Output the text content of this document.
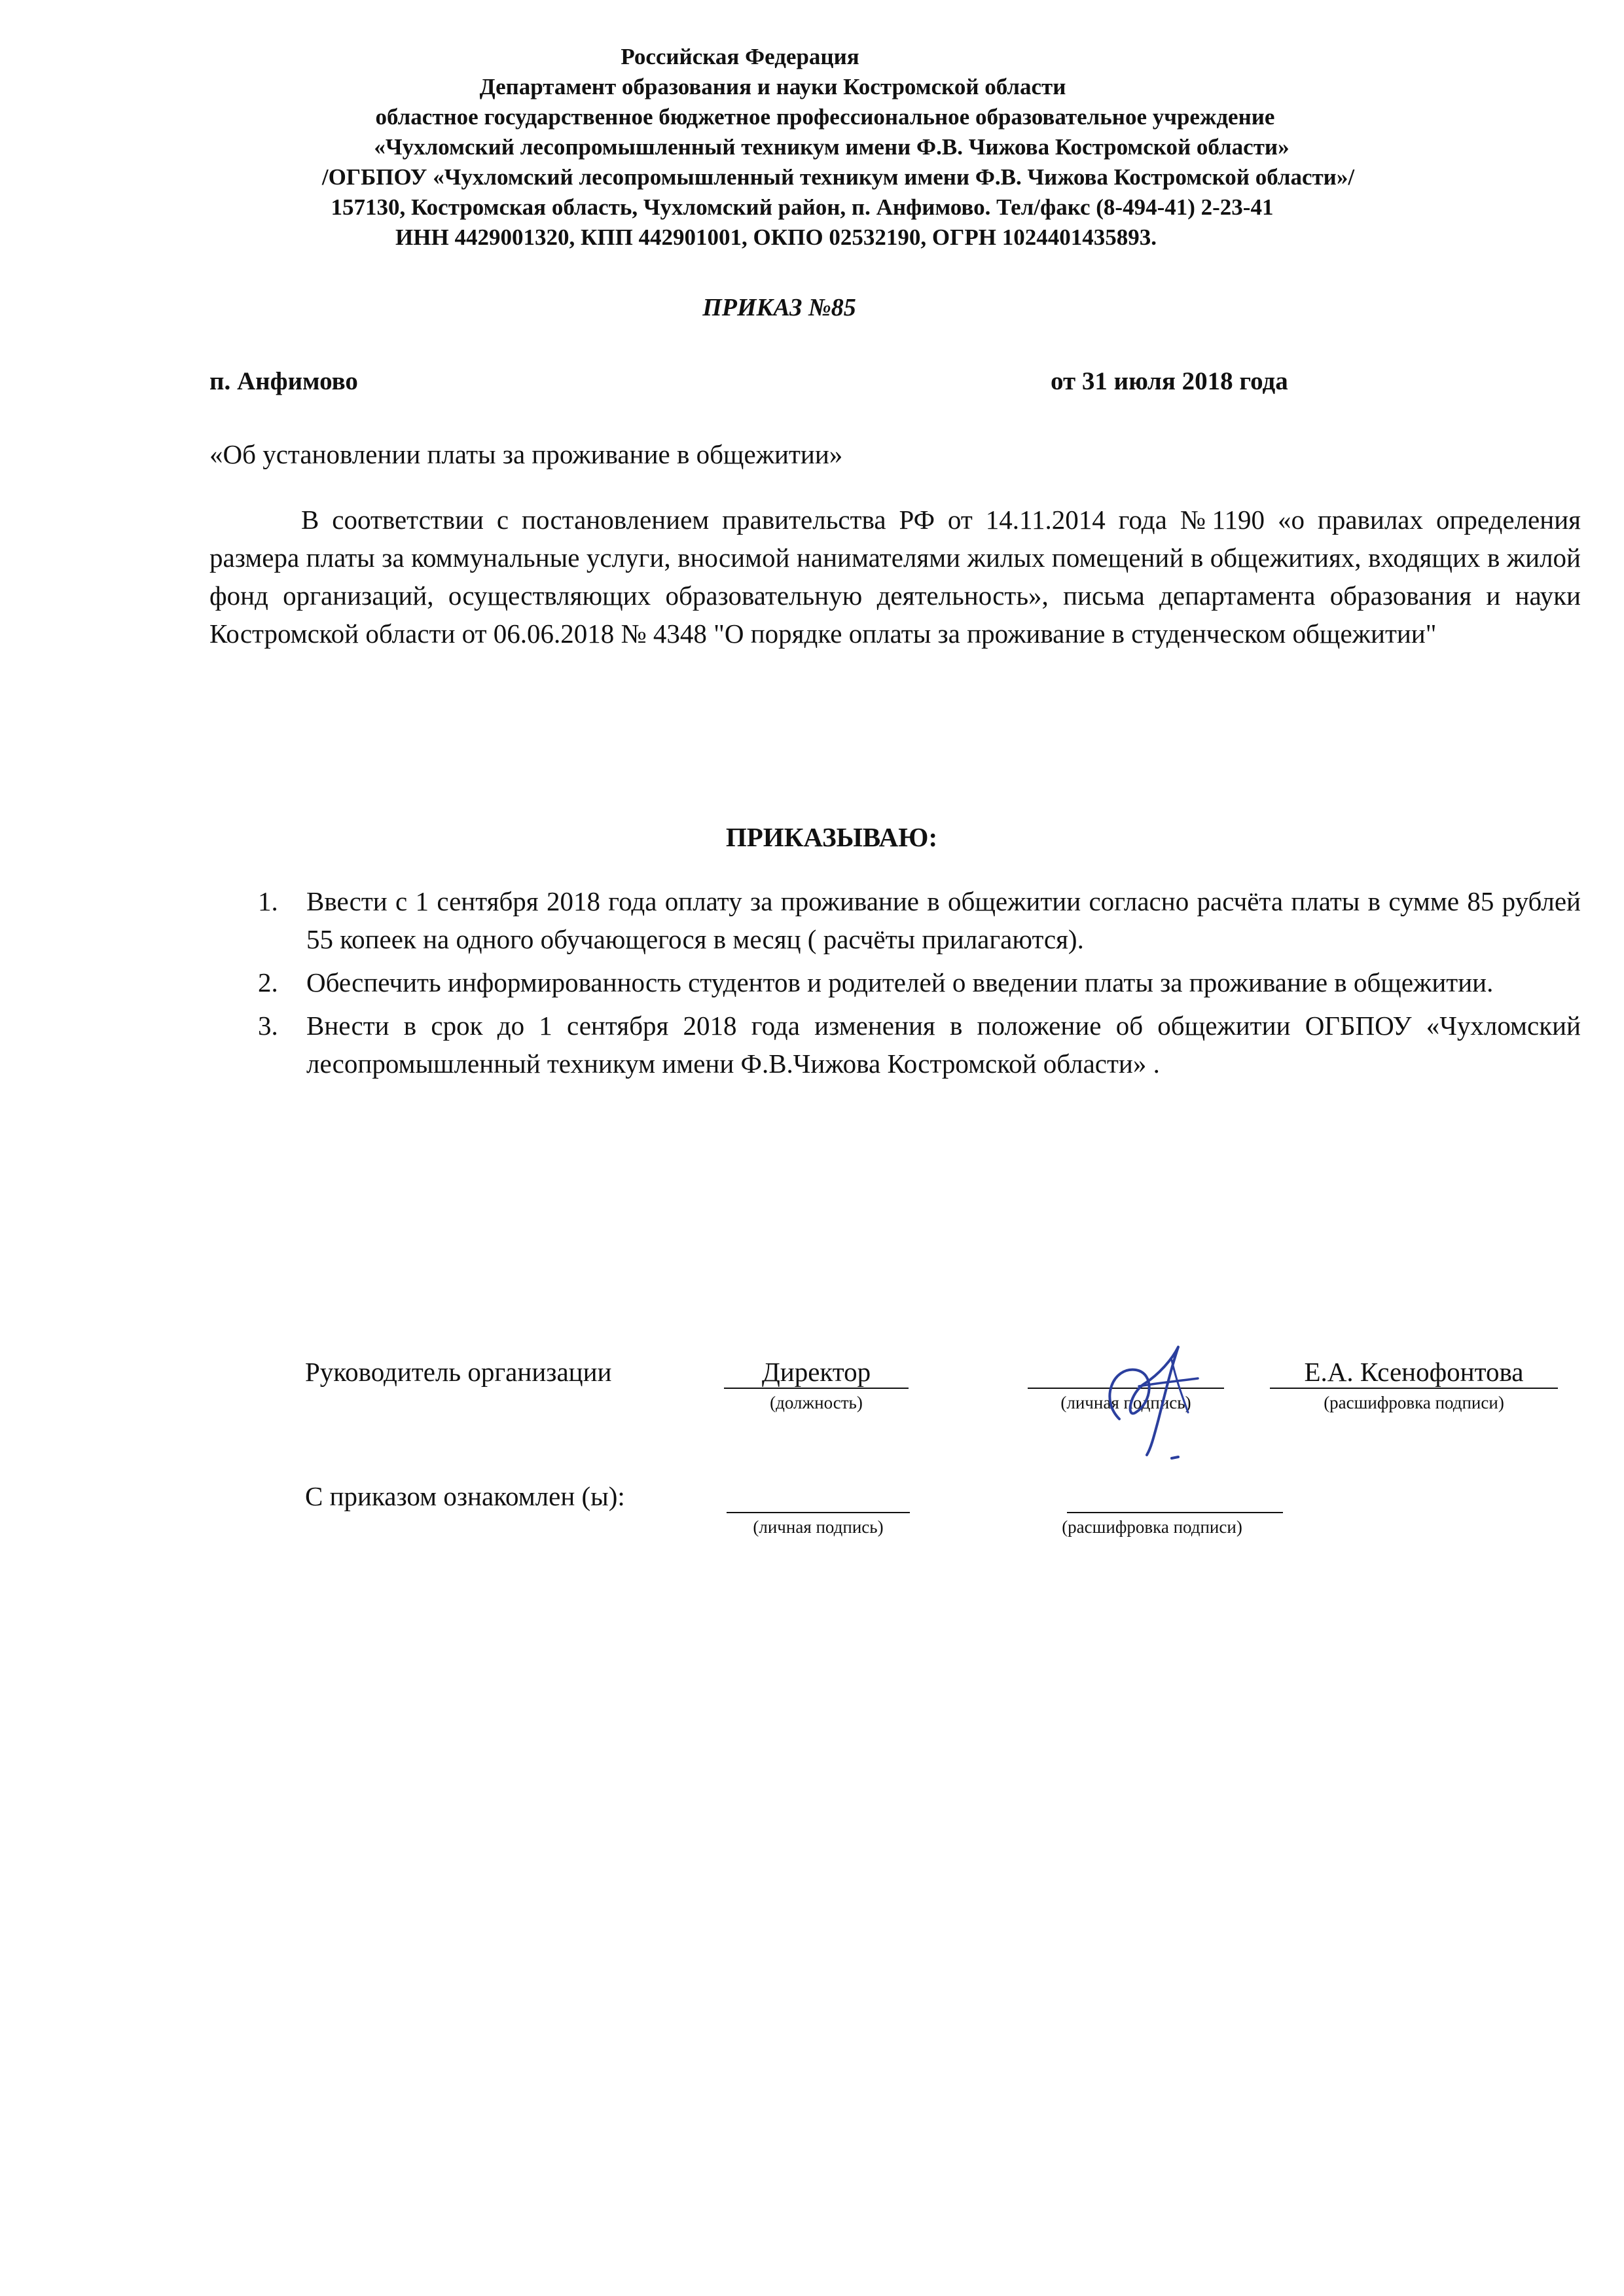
Российская Федерация
Департамент образования и науки Костромской области
областное государственное бюджетное профессиональное образовательное учреждение
«Чухломский лесопромышленный техникум имени Ф.В. Чижова Костромской области»
/ОГБПОУ «Чухломский лесопромышленный техникум имени Ф.В. Чижова Костромской области»/
157130, Костромская область, Чухломский район, п. Анфимово. Тел/факс (8-494-41) 2-23-41
ИНН 4429001320, КПП 442901001, ОКПО 02532190, ОГРН 1024401435893.
ПРИКАЗ №85
п. Анфимово	от 31 июля 2018 года
«Об установлении платы за проживание в общежитии»

В соответствии с постановлением правительства РФ от 14.11.2014 года №1190 «о правилах определения размера платы за коммунальные услуги, вносимой нанимателями жилых помещений в общежитиях, входящих в жилой фонд организаций, осуществляющих образовательную деятельность», письма департамента образования и науки Костромской области от 06.06.2018 № 4348 "О порядке оплаты за проживание в студенческом общежитии"

ПРИКАЗЫВАЮ:
1. Ввести с 1 сентября 2018 года оплату за проживание в общежитии согласно расчёта платы в сумме 85 рублей 55 копеек на одного обучающегося в месяц ( расчёты прилагаются).
2. Обеспечить информированность студентов и родителей о введении платы за проживание в общежитии.
3. Внести в срок до 1 сентября 2018 года изменения в положение об общежитии ОГБПОУ «Чухломский лесопромышленный техникум имени Ф.В.Чижова Костромской области» .
Руководитель организации	Директор
(должность)	(личная подпись)
Е.А. Ксенофонтова
(расшифровка подписи)
С приказом ознакомлен (ы):
(личная подпись)	(расшифровка подписи)
